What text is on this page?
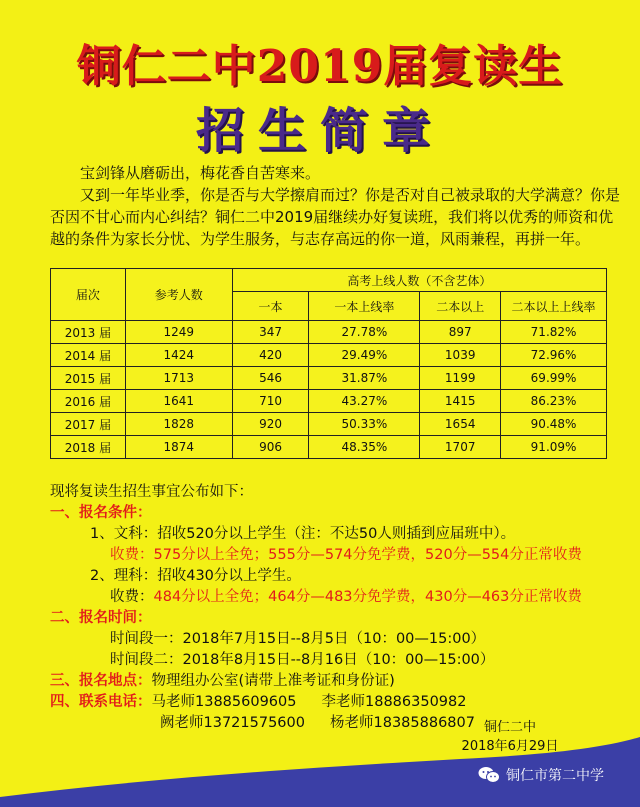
铜仁二中2019届复读生
招生简章

宝剑锋从磨砺出，梅花香自苦寒来。

又到一年毕业季，你是否与大学擦肩而过？你是否对自己被录取的大学满意？你是否因不甘心而内心纠结？铜仁二中2019届继续办好复读班，我们将以优秀的师资和优越的条件为家长分忧、为学生服务，与志存高远的你一道，风雨兼程，再拼一年。

届次	参考人数	高考上线人数（不含艺体）			
		一本	一本上线率	二本以上	二本以上上线率
2013 届	1249	347	27.78%	897	71.82%
2014 届	1424	420	29.49%	1039	72.96%
2015 届	1713	546	31.87%	1199	69.99%
2016 届	1641	710	43.27%	1415	86.23%
2017 届	1828	920	50.33%	1654	90.48%
2018 届	1874	906	48.35%	1707	91.09%
现将复读生招生事宜公布如下：
一、报名条件：
1、文科：招收520分以上学生（注：不达50人则插到应届班中）。
收费：575分以上全免；555分—574分免学费，520分—554分正常收费
2、理科：招收430分以上学生。
收费：484分以上全免；464分—483分免学费，430分—463分正常收费
二、报名时间：
时间段一：2018年7月15日--8月5日（10：00—15:00）
时间段二：2018年8月15日--8月16日（10：00—15:00）
三、报名地点：物理组办公室(请带上准考证和身份证)
四、联系电话：马老师13885609605 李老师18886350982
阙老师13721575600 杨老师18385886807 铜仁二中
2018年6月29日
铜仁市第二中学
